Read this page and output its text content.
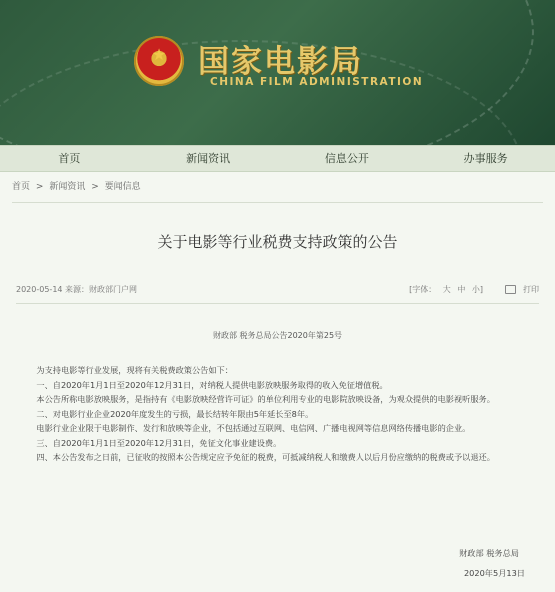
★	国家电影局
CHINA FILM ADMINISTRATION
首页	新闻资讯	信息公开	办事服务
首页 > 新闻资讯 > 要闻信息
关于电影等行业税费支持政策的公告
2020-05-14 来源：财政部门户网	[字体： 大 中 小]	打印
财政部 税务总局公告2020年第25号

为支持电影等行业发展，现将有关税费政策公告如下：

一、自2020年1月1日至2020年12月31日，对纳税人提供电影放映服务取得的收入免征增值税。

本公告所称电影放映服务，是指持有《电影放映经营许可证》的单位利用专业的电影院放映设备，为观众提供的电影视听服务。

二、对电影行业企业2020年度发生的亏损，最长结转年限由5年延长至8年。

电影行业企业限于电影制作、发行和放映等企业，不包括通过互联网、电信网、广播电视网等信息网络传播电影的企业。

三、自2020年1月1日至2020年12月31日，免征文化事业建设费。

四、本公告发布之日前，已征收的按照本公告规定应予免征的税费，可抵减纳税人和缴费人以后月份应缴纳的税费或予以退还。

财政部 税务总局
2020年5月13日
